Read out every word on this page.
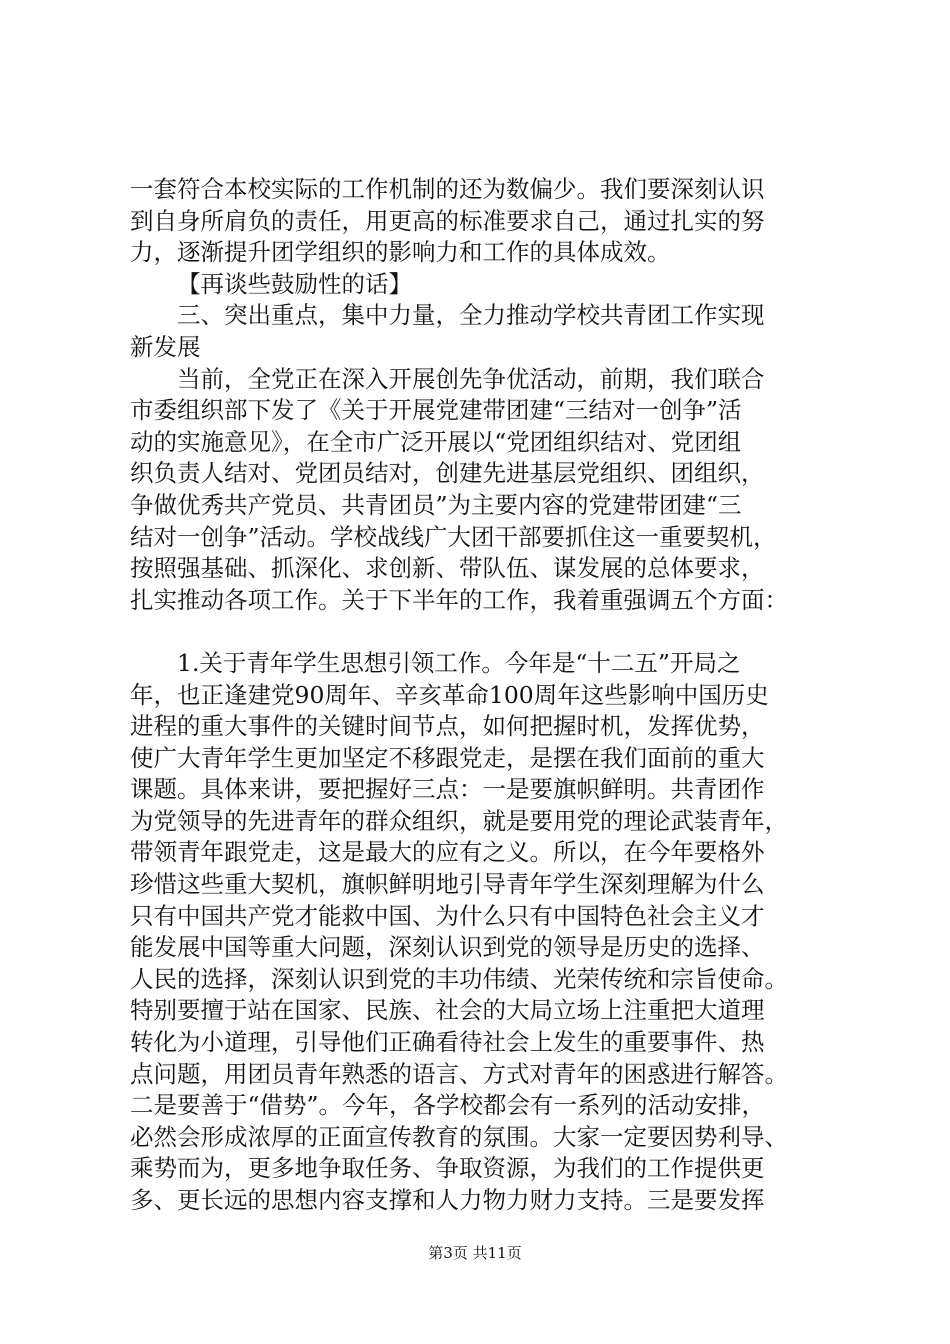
一套符合本校实际的工作机制的还为数偏少。我们要深刻认识
到自身所肩负的责任，用更高的标准要求自己，通过扎实的努
力，逐渐提升团学组织的影响力和工作的具体成效。
【再谈些鼓励性的话】
三、突出重点，集中力量，全力推动学校共青团工作实现
新发展
当前，全党正在深入开展创先争优活动，前期，我们联合
市委组织部下发了《关于开展党建带团建“三结对一创争”活
动的实施意见》，在全市广泛开展以“党团组织结对、党团组
织负责人结对、党团员结对，创建先进基层党组织、团组织，
争做优秀共产党员、共青团员”为主要内容的党建带团建“三
结对一创争”活动。学校战线广大团干部要抓住这一重要契机，
按照强基础、抓深化、求创新、带队伍、谋发展的总体要求，
扎实推动各项工作。关于下半年的工作，我着重强调五个方面：
1.关于青年学生思想引领工作。今年是“十二五”开局之
年，也正逢建党90周年、辛亥革命100周年这些影响中国历史
进程的重大事件的关键时间节点，如何把握时机，发挥优势，
使广大青年学生更加坚定不移跟党走，是摆在我们面前的重大
课题。具体来讲，要把握好三点：一是要旗帜鲜明。共青团作
为党领导的先进青年的群众组织，就是要用党的理论武装青年，
带领青年跟党走，这是最大的应有之义。所以，在今年要格外
珍惜这些重大契机，旗帜鲜明地引导青年学生深刻理解为什么
只有中国共产党才能救中国、为什么只有中国特色社会主义才
能发展中国等重大问题，深刻认识到党的领导是历史的选择、
人民的选择，深刻认识到党的丰功伟绩、光荣传统和宗旨使命。
特别要擅于站在国家、民族、社会的大局立场上注重把大道理
转化为小道理，引导他们正确看待社会上发生的重要事件、热
点问题，用团员青年熟悉的语言、方式对青年的困惑进行解答。
二是要善于“借势”。今年，各学校都会有一系列的活动安排，
必然会形成浓厚的正面宣传教育的氛围。大家一定要因势利导、
乘势而为，更多地争取任务、争取资源，为我们的工作提供更
多、更长远的思想内容支撑和人力物力财力支持。三是要发挥
第3页 共11页
